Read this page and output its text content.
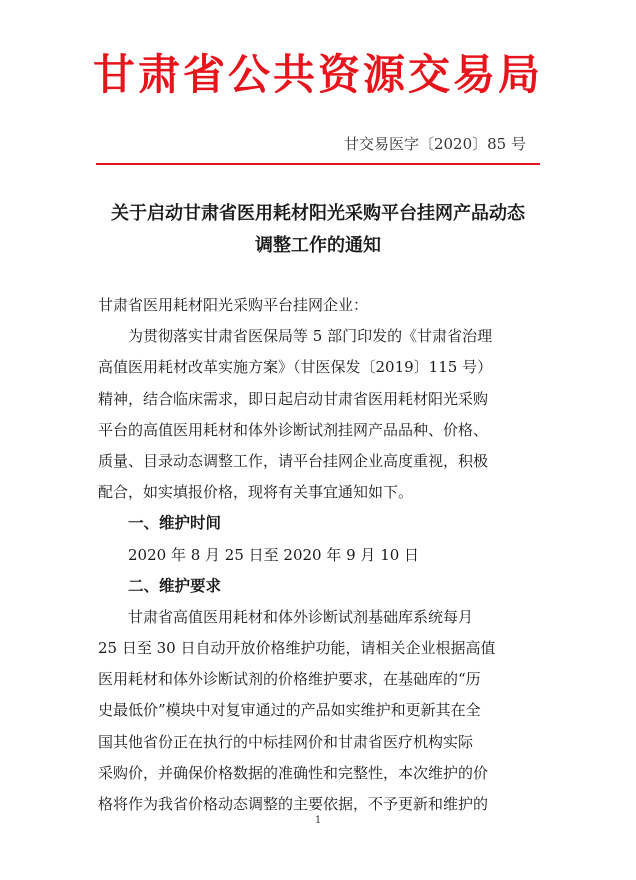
甘肃省公共资源交易局
甘交易医字〔2020〕85 号
关于启动甘肃省医用耗材阳光采购平台挂网产品动态
调整工作的通知
甘肃省医用耗材阳光采购平台挂网企业：
为贯彻落实甘肃省医保局等 5 部门印发的《甘肃省治理
高值医用耗材改革实施方案》（甘医保发〔2019〕115 号）
精神，结合临床需求，即日起启动甘肃省医用耗材阳光采购
平台的高值医用耗材和体外诊断试剂挂网产品品种、价格、
质量、目录动态调整工作，请平台挂网企业高度重视，积极
配合，如实填报价格，现将有关事宜通知如下。
一、维护时间
2020 年 8 月 25 日至 2020 年 9 月 10 日
二、维护要求
甘肃省高值医用耗材和体外诊断试剂基础库系统每月
25 日至 30 日自动开放价格维护功能，请相关企业根据高值
医用耗材和体外诊断试剂的价格维护要求，在基础库的“历
史最低价”模块中对复审通过的产品如实维护和更新其在全
国其他省份正在执行的中标挂网价和甘肃省医疗机构实际
采购价，并确保价格数据的准确性和完整性，本次维护的价
格将作为我省价格动态调整的主要依据，不予更新和维护的
1
